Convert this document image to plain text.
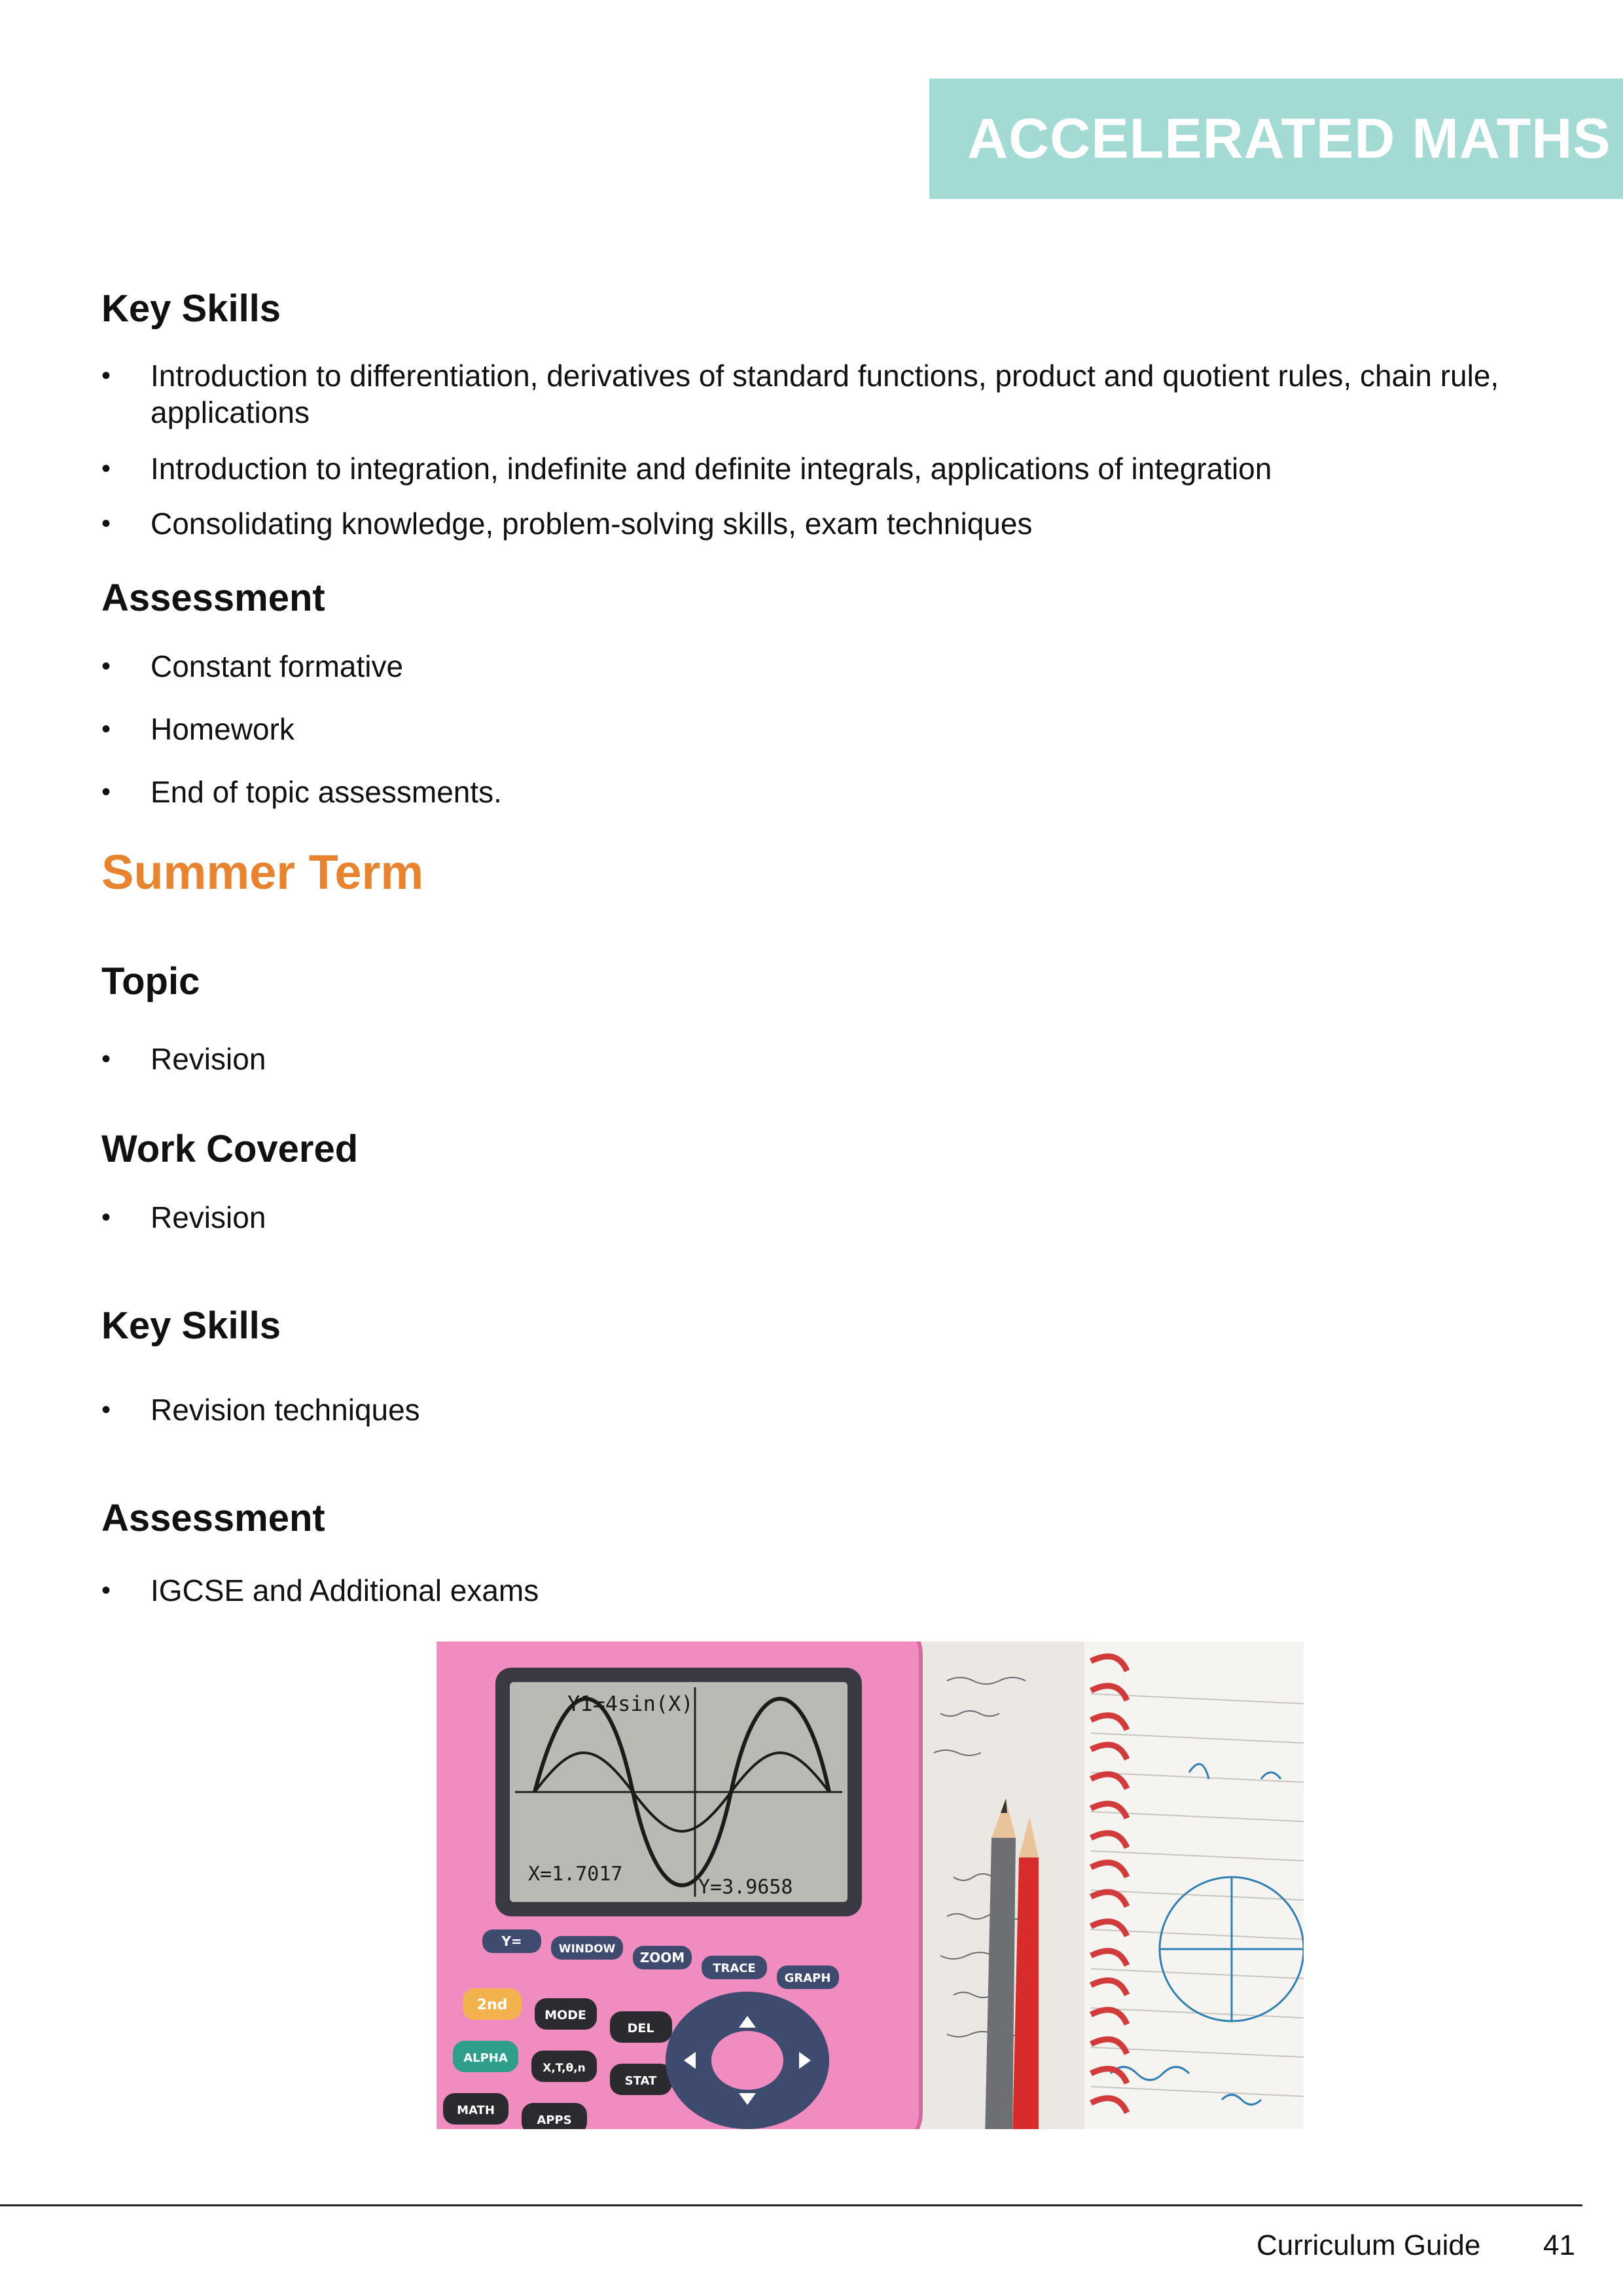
ACCELERATED MATHS
Key Skills
• Introduction to differentiation, derivatives of standard functions, product and quotient rules, chain rule, applications
• Introduction to integration, indefinite and definite integrals, applications of integration
• Consolidating knowledge, problem-solving skills, exam techniques
Assessment
• Constant formative
• Homework
• End of topic assessments.
Summer Term
Topic
• Revision
Work Covered
• Revision
Key Skills
• Revision techniques
Assessment
• IGCSE and Additional exams
Y1=4sin(X)
X=1.7017
Y=3.9658
Y=	WINDOW
ZOOM
TRACE
GRAPH
2nd
MODE
DEL
ALPHA
X,T,θ,n
STAT
MATH
APPS
Curriculum Guide 41
